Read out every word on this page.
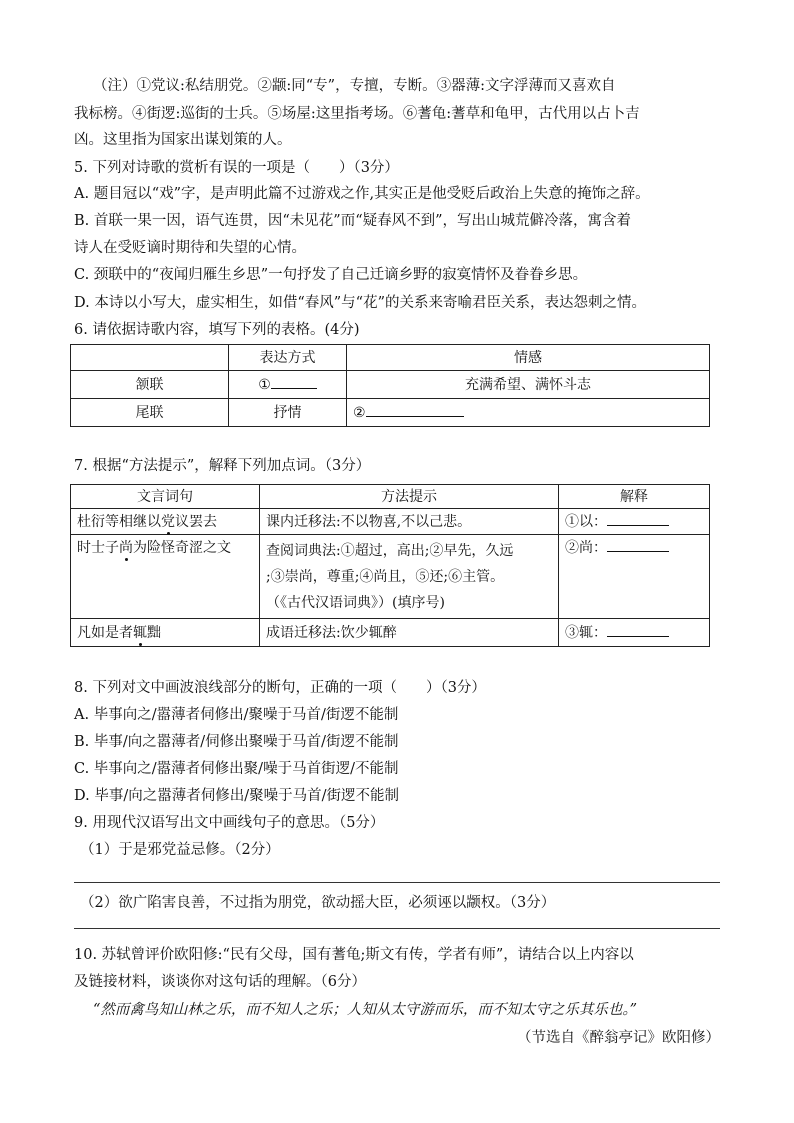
（注）①党议:私结朋党。②颛:同“专”，专擅，专断。③器薄:文字浮薄而又喜欢自
我标榜。④街逻:巡街的士兵。⑤场屋:这里指考场。⑥蓍龟:蓍草和龟甲，古代用以占卜吉
凶。这里指为国家出谋划策的人。
5. 下列对诗歌的赏析有误的一项是（　　）（3分）
A. 题目冠以“戏”字，是声明此篇不过游戏之作,其实正是他受贬后政治上失意的掩饰之辞。
B. 首联一果一因，语气连贯，因“未见花”而“疑春风不到”，写出山城荒僻冷落，寓含着
诗人在受贬谪时期待和失望的心情。
C. 颈联中的“夜闻归雁生乡思”一句抒发了自己迁谪乡野的寂寞情怀及眷眷乡思。
D. 本诗以小写大，虚实相生，如借“春风”与“花”的关系来寄喻君臣关系，表达怨刺之情。
6. 请依据诗歌内容，填写下列的表格。(4分)
	表达方式	情感
颔联	①	充满希望、满怀斗志
尾联	抒情	②
7. 根据“方法提示”，解释下列加点词。（3分）
文言词句	方法提示	解释
杜衍等相继以党议罢去	课内迁移法:不以物喜,不以己悲。	①以：
时士子尚为险怪奇涩之文	查阅词典法:①超过，高出;②早先，久远
;③崇尚，尊重;④尚且，⑤还;⑥主管。
（《古代汉语词典》）(填序号)	②尚：
凡如是者辄黜	成语迁移法:饮少辄醉	③辄：
8. 下列对文中画波浪线部分的断句，正确的一项（　　）（3分）
A. 毕事向之/嚣薄者伺修出/聚噪于马首/街逻不能制
B. 毕事/向之嚣薄者/伺修出聚噪于马首/街逻不能制
C. 毕事向之/嚣薄者伺修出聚/噪于马首街逻/不能制
D. 毕事/向之嚣薄者伺修出/聚噪于马首/街逻不能制
9. 用现代汉语写出文中画线句子的意思。（5分）
（1）于是邪党益忌修。（2分）
（2）欲广陷害良善，不过指为朋党，欲动摇大臣，必须诬以颛权。（3分）
10. 苏轼曾评价欧阳修:“民有父母，国有蓍龟;斯文有传，学者有师”，请结合以上内容以
及链接材料，谈谈你对这句话的理解。（6分）
“然而禽鸟知山林之乐，而不知人之乐；人知从太守游而乐，而不知太守之乐其乐也。”
（节选自《醉翁亭记》欧阳修）
